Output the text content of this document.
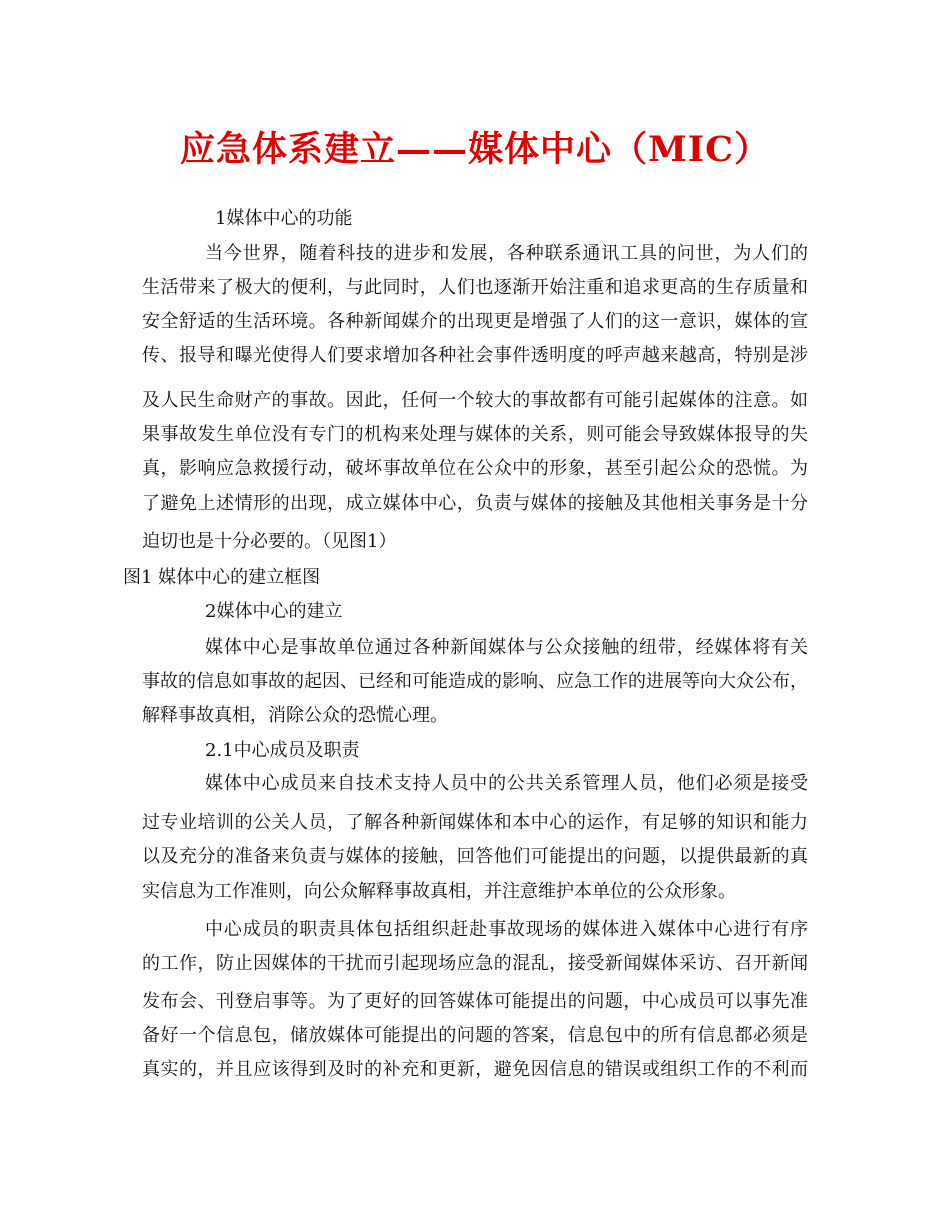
应急体系建立——媒体中心（MIC）
1媒体中心的功能
当今世界，随着科技的进步和发展，各种联系通讯工具的问世，为人们的
生活带来了极大的便利，与此同时，人们也逐渐开始注重和追求更高的生存质量和
安全舒适的生活环境。各种新闻媒介的出现更是增强了人们的这一意识，媒体的宣
传、报导和曝光使得人们要求增加各种社会事件透明度的呼声越来越高，特别是涉
及人民生命财产的事故。因此，任何一个较大的事故都有可能引起媒体的注意。如
果事故发生单位没有专门的机构来处理与媒体的关系，则可能会导致媒体报导的失
真，影响应急救援行动，破坏事故单位在公众中的形象，甚至引起公众的恐慌。为
了避免上述情形的出现，成立媒体中心，负责与媒体的接触及其他相关事务是十分
迫切也是十分必要的。（见图1）
图1 媒体中心的建立框图
2媒体中心的建立
媒体中心是事故单位通过各种新闻媒体与公众接触的纽带，经媒体将有关
事故的信息如事故的起因、已经和可能造成的影响、应急工作的进展等向大众公布，
解释事故真相，消除公众的恐慌心理。
2.1中心成员及职责
媒体中心成员来自技术支持人员中的公共关系管理人员，他们必须是接受
过专业培训的公关人员，了解各种新闻媒体和本中心的运作，有足够的知识和能力
以及充分的准备来负责与媒体的接触，回答他们可能提出的问题，以提供最新的真
实信息为工作准则，向公众解释事故真相，并注意维护本单位的公众形象。
中心成员的职责具体包括组织赶赴事故现场的媒体进入媒体中心进行有序
的工作，防止因媒体的干扰而引起现场应急的混乱，接受新闻媒体采访、召开新闻
发布会、刊登启事等。为了更好的回答媒体可能提出的问题，中心成员可以事先准
备好一个信息包，储放媒体可能提出的问题的答案，信息包中的所有信息都必须是
真实的，并且应该得到及时的补充和更新，避免因信息的错误或组织工作的不利而
